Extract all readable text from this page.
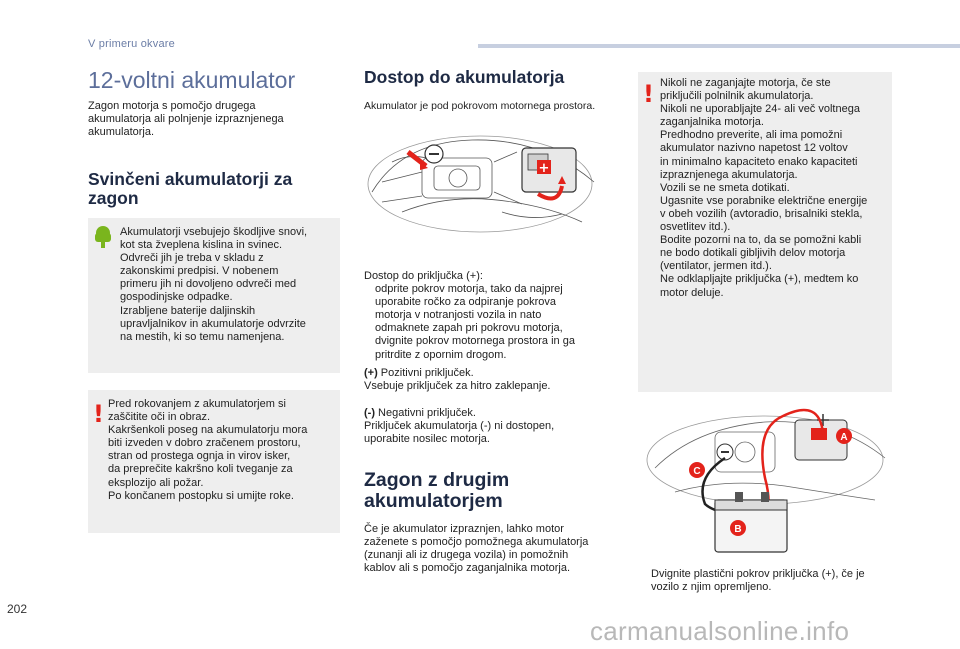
V primeru okvare
12-voltni akumulator
Zagon motorja s pomočjo drugega
akumulatorja ali polnjenje izpraznjenega
akumulatorja.
Svinčeni akumulatorji za
zagon
Akumulatorji vsebujejo škodljive snovi,
kot sta žveplena kislina in svinec.
Odvreči jih je treba v skladu z
zakonskimi predpisi. V nobenem
primeru jih ni dovoljeno odvreči med
gospodinjske odpadke.
Izrabljene baterije daljinskih
upravljalnikov in akumulatorje odvrzite
na mestih, ki so temu namenjena.
! Pred rokovanjem z akumulatorjem si
zaščitite oči in obraz.
Kakršenkoli poseg na akumulatorju mora
biti izveden v dobro zračenem prostoru,
stran od prostega ognja in virov isker,
da preprečite kakršno koli tveganje za
eksplozijo ali požar.
Po končanem postopku si umijte roke.
Dostop do akumulatorja
Akumulator je pod pokrovom motornega prostora.
+
Dostop do priključka (+):
odprite pokrov motorja, tako da najprej
uporabite ročko za odpiranje pokrova
motorja v notranjosti vozila in nato
odmaknete zapah pri pokrovu motorja,
dvignite pokrov motornega prostora in ga
pritrdite z opornim drogom.
(+) Pozitivni priključek.
Vsebuje priključek za hitro zaklepanje.
(-) Negativni priključek.
Priključek akumulatorja (-) ni dostopen,
uporabite nosilec motorja.
Zagon z drugim
akumulatorjem
Če je akumulator izpraznjen, lahko motor
zaženete s pomočjo pomožnega akumulatorja
(zunanji ali iz drugega vozila) in pomožnih
kablov ali s pomočjo zaganjalnika motorja.
! Nikoli ne zaganjajte motorja, če ste
priključili polnilnik akumulatorja.
Nikoli ne uporabljajte 24- ali več voltnega
zaganjalnika motorja.
Predhodno preverite, ali ima pomožni
akumulator nazivno napetost 12 voltov
in minimalno kapaciteto enako kapaciteti
izpraznjenega akumulatorja.
Vozili se ne smeta dotikati.
Ugasnite vse porabnike električne energije
v obeh vozilih (avtoradio, brisalniki stekla,
osvetlitev itd.).
Bodite pozorni na to, da se pomožni kabli
ne bodo dotikali gibljivih delov motorja
(ventilator, jermen itd.).
Ne odklapljajte priključka (+), medtem ko
motor deluje.
A
B
C
Dvignite plastični pokrov priključka (+), če je
vozilo z njim opremljeno.
202
carmanualsonline.info
